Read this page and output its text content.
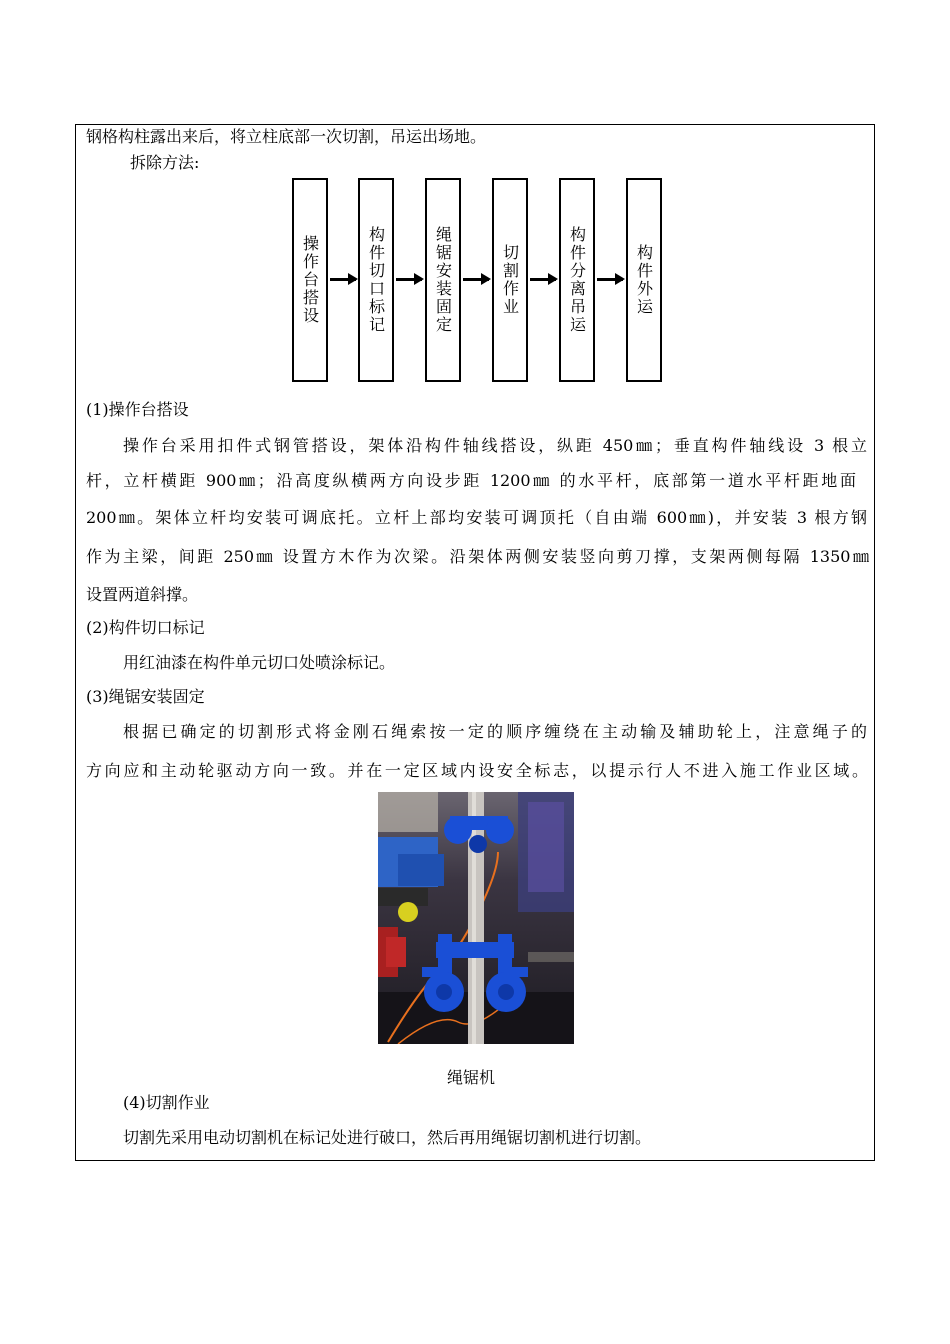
钢格构柱露出来后，将立柱底部一次切割，吊运出场地。
拆除方法:
操作台搭设	构件切口标记	绳锯安装固定	切割作业	构件分离吊运	构件外运
(1)操作台搭设
操作台采用扣件式钢管搭设，架体沿构件轴线搭设，纵距 450㎜；垂直构件轴线设 3 根立
杆，立杆横距 900㎜；沿高度纵横两方向设步距 1200㎜ 的水平杆，底部第一道水平杆距地面
200㎜。架体立杆均安装可调底托。立杆上部均安装可调顶托（自由端 600㎜)，并安装 3 根方钢
作为主梁，间距 250㎜ 设置方木作为次梁。沿架体两侧安装竖向剪刀撑，支架两侧每隔 1350㎜
设置两道斜撑。
(2)构件切口标记
用红油漆在构件单元切口处喷涂标记。
(3)绳锯安装固定
根据已确定的切割形式将金刚石绳索按一定的顺序缠绕在主动输及辅助轮上，注意绳子的
方向应和主动轮驱动方向一致。并在一定区域内设安全标志，以提示行人不进入施工作业区域。
绳锯机
(4)切割作业
切割先采用电动切割机在标记处进行破口，然后再用绳锯切割机进行切割。
